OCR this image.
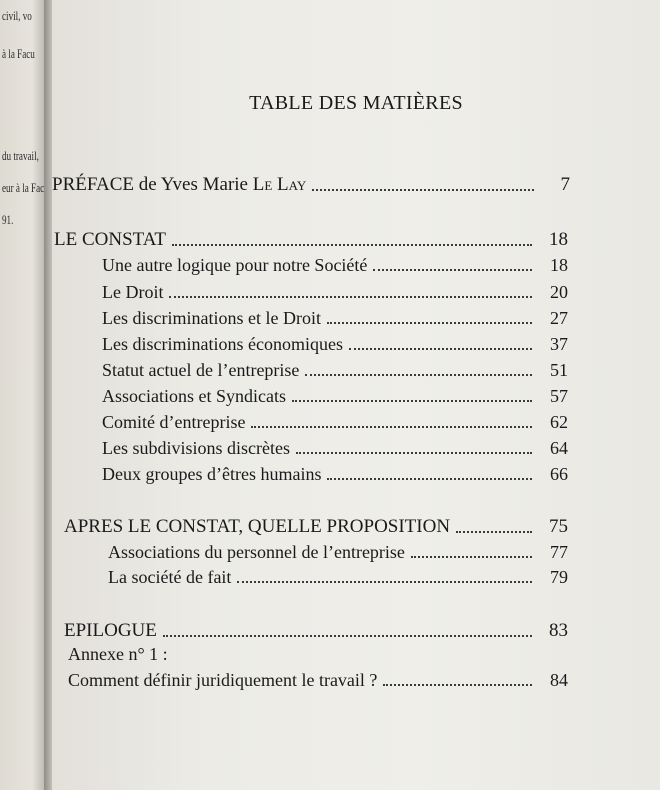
civil, vo
à la Facu
du travail,
eur à la Fac
91.
TABLE DES MATIÈRES
PRÉFACE de Yves Marie Le Lay	7
LE CONSTAT	18
Une autre logique pour notre Société	18
Le Droit	20
Les discriminations et le Droit	27
Les discriminations économiques	37
Statut actuel de l’entreprise	51
Associations et Syndicats	57
Comité d’entreprise	62
Les subdivisions discrètes	64
Deux groupes d’êtres humains	66
APRES LE CONSTAT, QUELLE PROPOSITION	75
Associations du personnel de l’entreprise	77
La société de fait	79
EPILOGUE	83
Annexe n° 1 :
Comment définir juridiquement le travail ?	84
